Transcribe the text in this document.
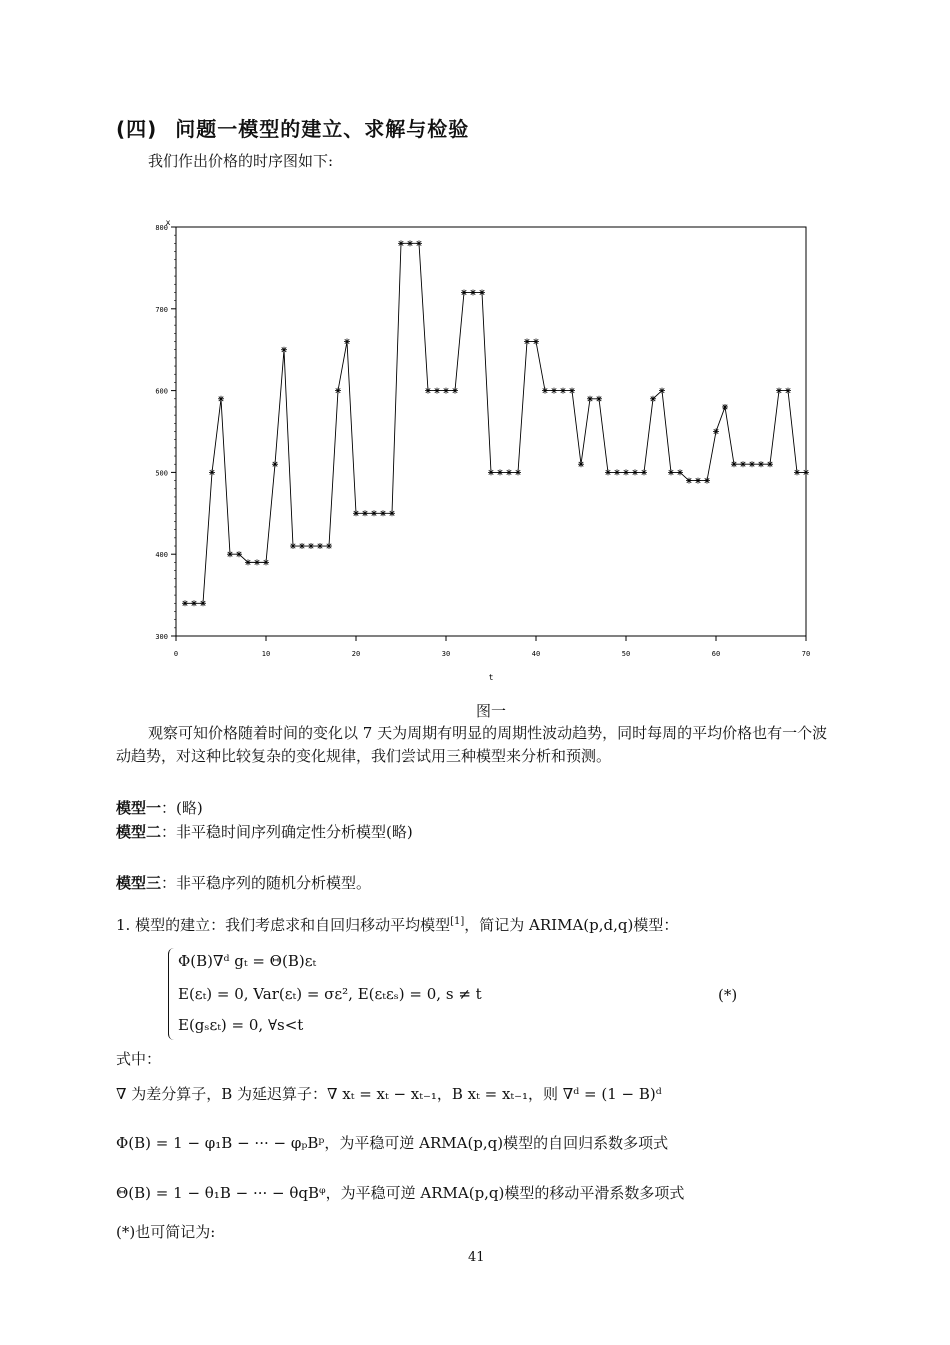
(四) 问题一模型的建立、求解与检验
我们作出价格的时序图如下:
300
400
500
600
700
800
0	10	20	30	40	50	60	70
t
x
图一
观察可知价格随着时间的变化以 7 天为周期有明显的周期性波动趋势，同时每周的平均价格也有一个波动趋势，对这种比较复杂的变化规律，我们尝试用三种模型来分析和预测。
模型一：(略)
模型二：非平稳时间序列确定性分析模型(略)
模型三：非平稳序列的随机分析模型。
1. 模型的建立：我们考虑求和自回归移动平均模型[1]，简记为 ARIMA(p,d,q)模型：
Φ(B)∇ᵈ gₜ = Θ(B)εₜ
E(εₜ) = 0, Var(εₜ) = σε², E(εₜεₛ) = 0, s ≠ t
E(gₛεₜ) = 0, ∀s<t
(*)
式中：
∇ 为差分算子，B 为延迟算子：∇ xₜ = xₜ − xₜ₋₁，B xₜ = xₜ₋₁，则 ∇ᵈ = (1 − B)ᵈ
Φ(B) = 1 − φ₁B − ··· − φₚBᵖ，为平稳可逆 ARMA(p,q)模型的自回归系数多项式
Θ(B) = 1 − θ₁B − ··· − θqBᵠ，为平稳可逆 ARMA(p,q)模型的移动平滑系数多项式
(*)也可简记为:
41
